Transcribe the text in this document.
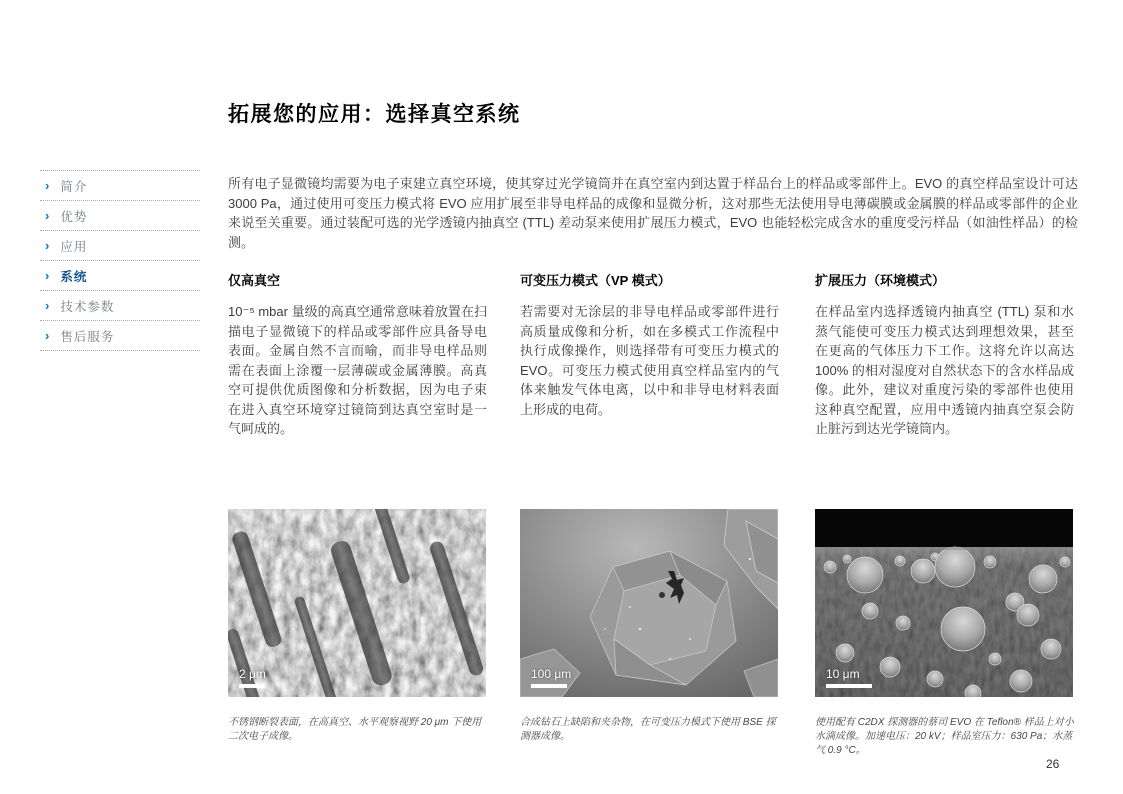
拓展您的应用：选择真空系统
› 简介
› 优势
› 应用
› 系统
› 技术参数
› 售后服务

所有电子显微镜均需要为电子束建立真空环境，使其穿过光学镜筒并在真空室内到达置于样品台上的样品或零部件上。EVO 的真空样品室设计可达 3000 Pa，通过使用可变压力模式将 EVO 应用扩展至非导电样品的成像和显微分析，这对那些无法使用导电薄碳膜或金属膜的样品或零部件的企业来说至关重要。通过装配可选的光学透镜内抽真空 (TTL) 差动泵来使用扩展压力模式，EVO 也能轻松完成含水的重度受污样品（如油性样品）的检测。

仅高真空

10⁻⁵ mbar 量级的高真空通常意味着放置在扫描电子显微镜下的样品或零部件应具备导电表面。金属自然不言而喻，而非导电样品则需在表面上涂覆一层薄碳或金属薄膜。高真空可提供优质图像和分析数据，因为电子束在进入真空环境穿过镜筒到达真空室时是一气呵成的。

可变压力模式（VP 模式）

若需要对无涂层的非导电样品或零部件进行高质量成像和分析，如在多模式工作流程中执行成像操作，则选择带有可变压力模式的 EVO。可变压力模式使用真空样品室内的气体来触发气体电离，以中和非导电材料表面上形成的电荷。

扩展压力（环境模式）

在样品室内选择透镜内抽真空 (TTL) 泵和水蒸气能使可变压力模式达到理想效果，甚至在更高的气体压力下工作。这将允许以高达 100% 的相对湿度对自然状态下的含水样品成像。此外，建议对重度污染的零部件也使用这种真空配置，应用中透镜内抽真空泵会防止脏污到达光学镜筒内。

2 μm	100 μm	10 μm

不锈钢断裂表面，在高真空、水平观察视野 20 μm 下使用二次电子成像。

合成钻石上缺陷和夹杂物，在可变压力模式下使用 BSE 探测器成像。

使用配有 C2DX 探测器的蔡司 EVO 在 Teflon® 样品上对小水滴成像。加速电压：20 kV；样品室压力：630 Pa；水蒸气 0.9 °C。

26
